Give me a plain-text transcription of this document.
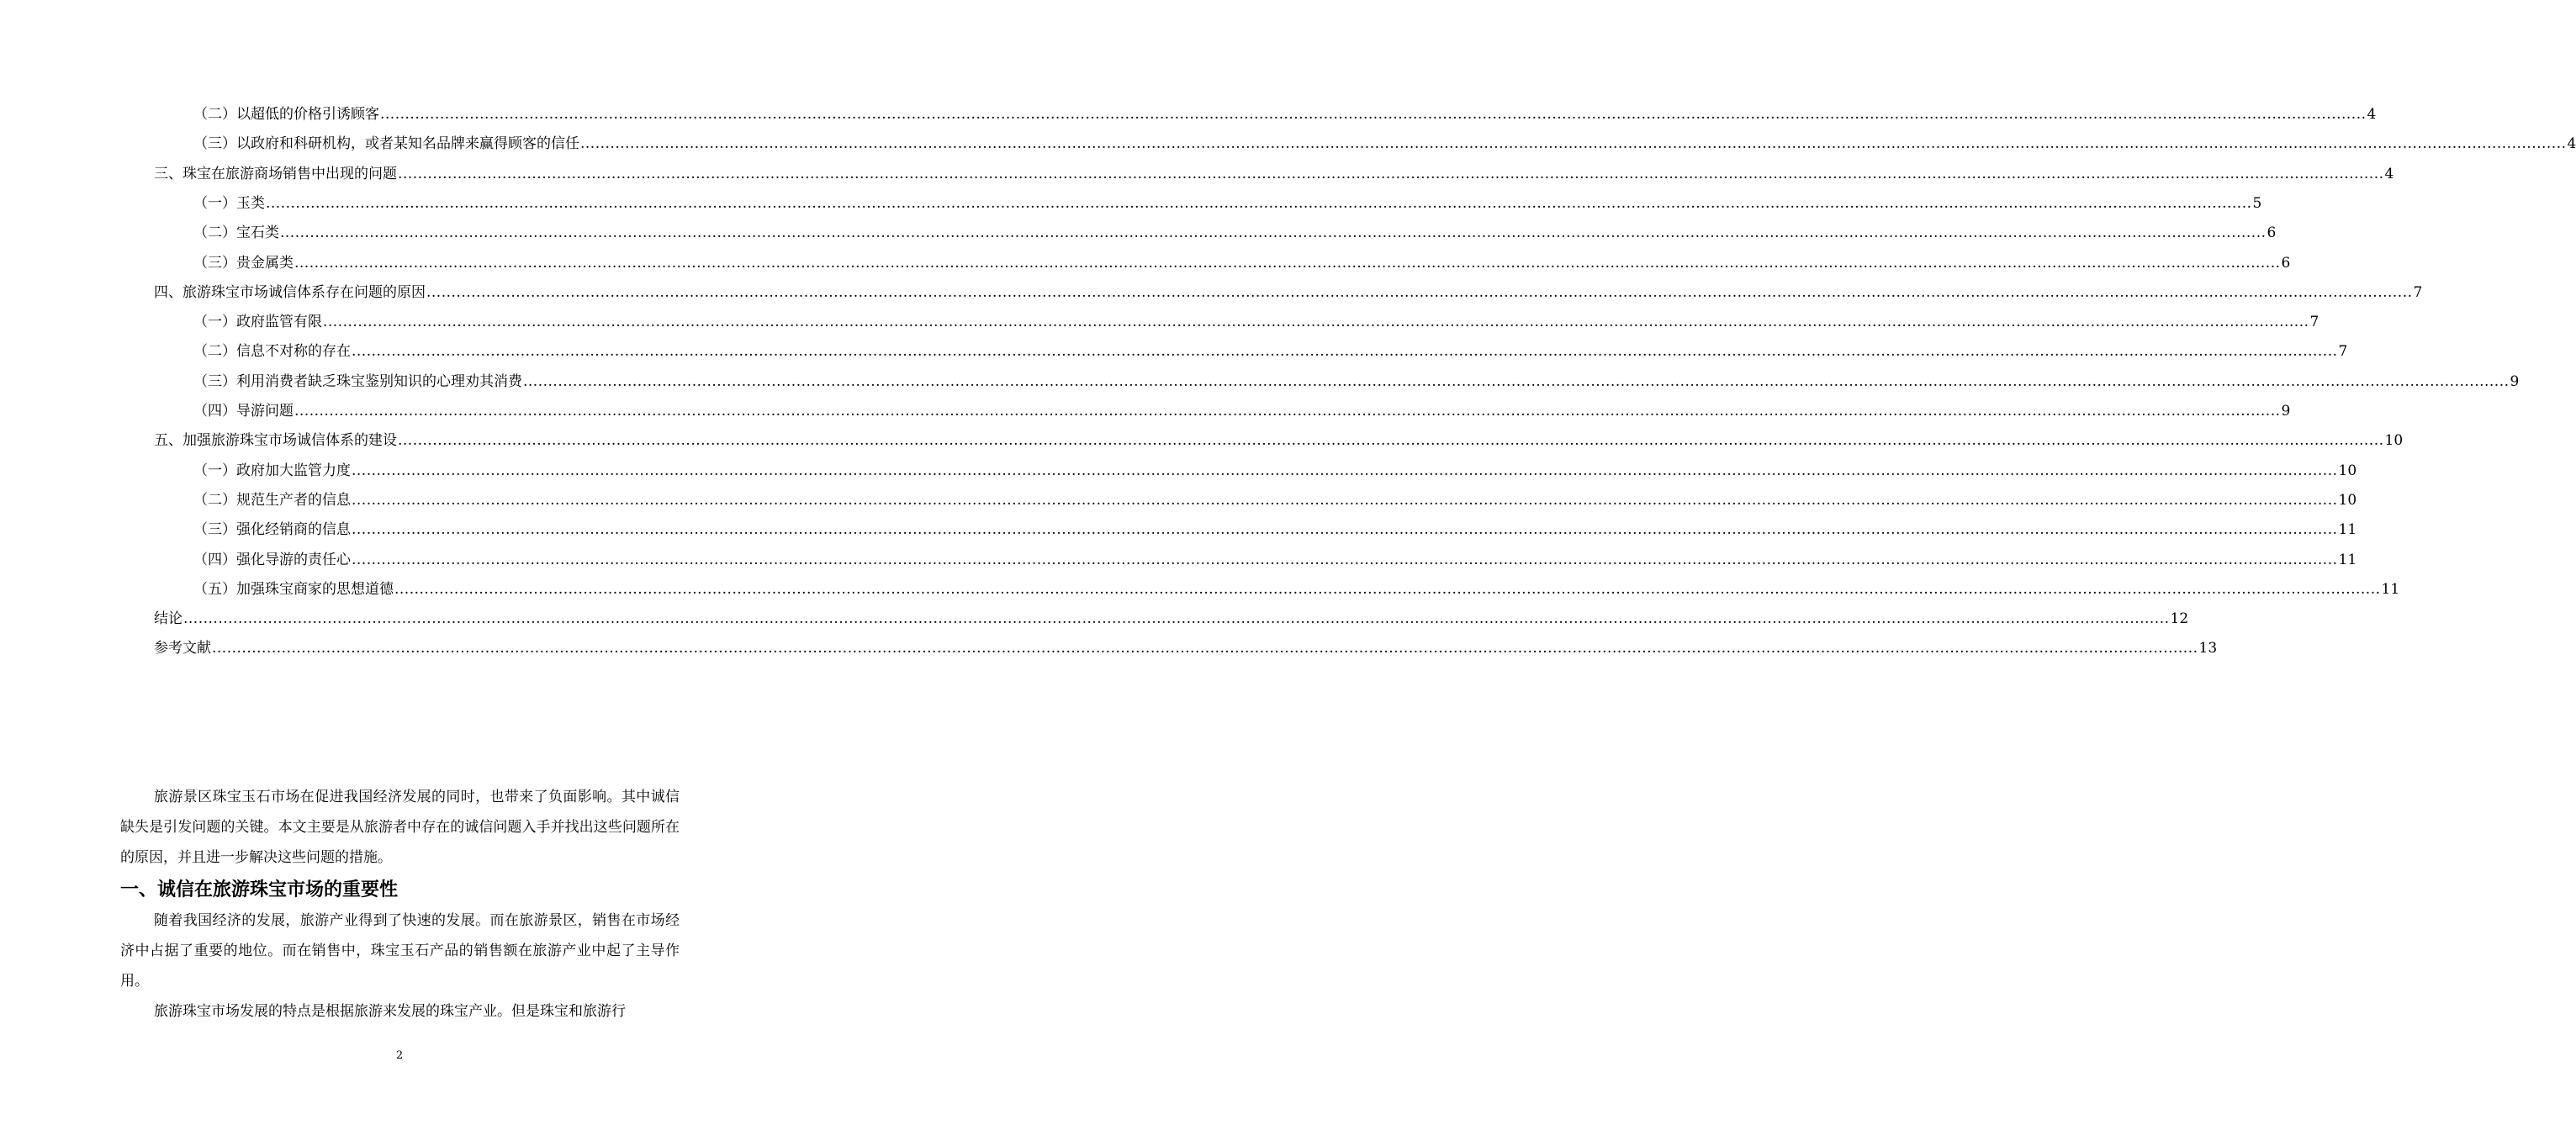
（二）以超低的价格引诱顾客 ................................................................................................................................................................................................................................................................................................................................................................................................................ 4
（三）以政府和科研机构，或者某知名品牌来赢得顾客的信任 ................................................................................................................................................................................................................................................................................................................................................................................................................ 4
三、珠宝在旅游商场销售中出现的问题 ................................................................................................................................................................................................................................................................................................................................................................................................................ 4
（一）玉类 ................................................................................................................................................................................................................................................................................................................................................................................................................ 5
（二）宝石类 ................................................................................................................................................................................................................................................................................................................................................................................................................ 6
（三）贵金属类 ................................................................................................................................................................................................................................................................................................................................................................................................................ 6
四、旅游珠宝市场诚信体系存在问题的原因 ................................................................................................................................................................................................................................................................................................................................................................................................................ 7
（一）政府监管有限 ................................................................................................................................................................................................................................................................................................................................................................................................................ 7
（二）信息不对称的存在 ................................................................................................................................................................................................................................................................................................................................................................................................................ 7
（三）利用消费者缺乏珠宝鉴别知识的心理劝其消费 ................................................................................................................................................................................................................................................................................................................................................................................................................ 9
（四）导游问题 ................................................................................................................................................................................................................................................................................................................................................................................................................ 9
五、加强旅游珠宝市场诚信体系的建设 ................................................................................................................................................................................................................................................................................................................................................................................................................ 10
（一）政府加大监管力度 ................................................................................................................................................................................................................................................................................................................................................................................................................ 10
（二）规范生产者的信息 ................................................................................................................................................................................................................................................................................................................................................................................................................ 10
（三）强化经销商的信息 ................................................................................................................................................................................................................................................................................................................................................................................................................ 11
（四）强化导游的责任心 ................................................................................................................................................................................................................................................................................................................................................................................................................ 11
（五）加强珠宝商家的思想道德 ................................................................................................................................................................................................................................................................................................................................................................................................................ 11
结论 ................................................................................................................................................................................................................................................................................................................................................................................................................ 12
参考文献 ................................................................................................................................................................................................................................................................................................................................................................................................................ 13

旅游景区珠宝玉石市场在促进我国经济发展的同时，也带来了负面影响。其中诚信缺失是引发问题的关键。本文主要是从旅游者中存在的诚信问题入手并找出这些问题所在的原因，并且进一步解决这些问题的措施。

一、诚信在旅游珠宝市场的重要性

随着我国经济的发展，旅游产业得到了快速的发展。而在旅游景区，销售在市场经济中占据了重要的地位。而在销售中，珠宝玉石产品的销售额在旅游产业中起了主导作用。

旅游珠宝市场发展的特点是根据旅游来发展的珠宝产业。但是珠宝和旅游行

2
